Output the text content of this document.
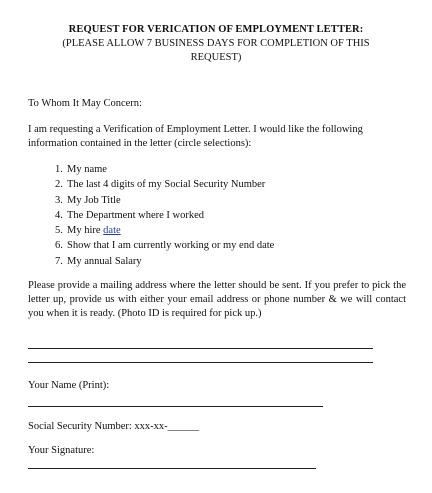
REQUEST FOR VERICATION OF EMPLOYMENT LETTER:
(PLEASE ALLOW 7 BUSINESS DAYS FOR COMPLETION OF THIS
REQUEST)
To Whom It May Concern:
I am requesting a Verification of Employment Letter. I would like the following information contained in the letter (circle selections):
1. My name
2. The last 4 digits of my Social Security Number
3. My Job Title
4. The Department where I worked
5. My hire date
6. Show that I am currently working or my end date
7. My annual Salary
Please provide a mailing address where the letter should be sent. If you prefer to pick the letter up, provide us with either your email address or phone number & we will contact you when it is ready. (Photo ID is required for pick up.)
Your Name (Print):
Social Security Number: xxx-xx-______
Your Signature:
